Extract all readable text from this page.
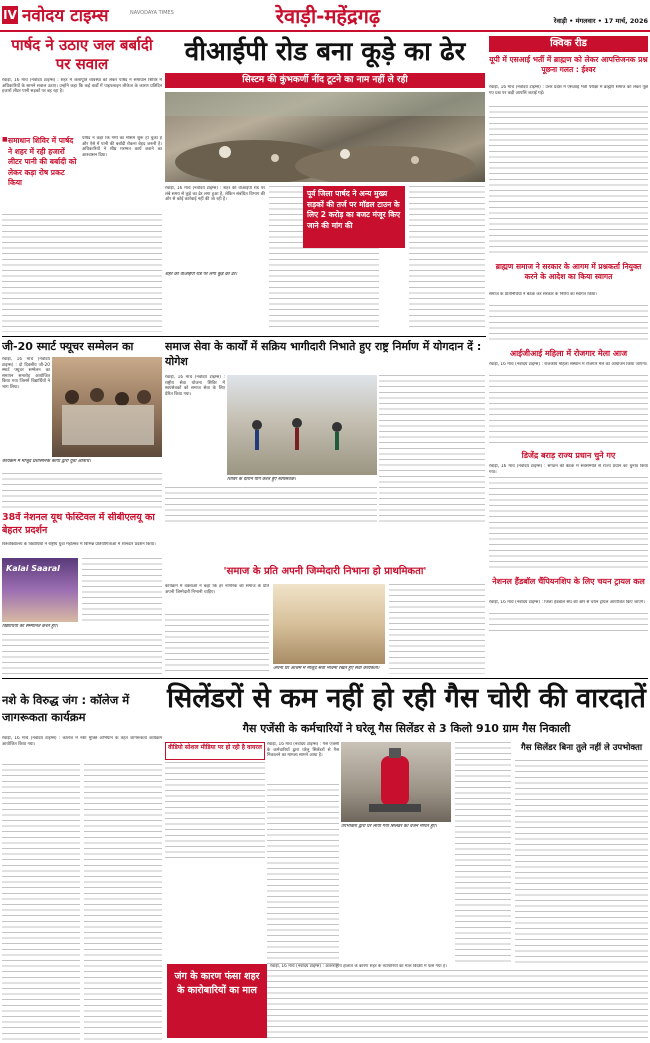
IV नवोदय टाइम्स	NAVODAYA TIMES	रेवाड़ी-महेंद्रगढ़	रेवाड़ी • मंगलवार • 17 मार्च, 2026
पार्षद ने उठाए जल बर्बादी पर सवाल
रेवाड़ी, 16 मार्च (नवोदय टाइम्स) : शहर में जलापूर्ति व्यवस्था को लेकर पार्षद ने समाधान शिविर में अधिकारियों के सामने सवाल उठाए। उन्होंने कहा कि कई वार्डों में पाइपलाइन लीकेज के कारण प्रतिदिन हजारों लीटर पानी सड़कों पर बह रहा है।
■ समाधान शिविर में पार्षद ने शहर में रही हजारों लीटर पानी की बर्बादी को लेकर कड़ा रोष प्रकट किया
पार्षद ने कहा कि गर्मी का मौसम शुरू हो चुका है और ऐसे में पानी की बर्बादी रोकना बेहद जरूरी है। अधिकारियों ने शीघ्र मरम्मत कार्य कराने का आश्वासन दिया।
वीआईपी रोड बना कूड़े का ढेर
सिस्टम की कुंभकर्णी नींद टूटने का नाम नहीं ले रही
शहर की वीआईपी रोड पर लगा कूड़े का ढेर।
रेवाड़ी, 16 मार्च (नवोदय टाइम्स) : शहर की वीआईपी रोड पर लंबे समय से कूड़े का ढेर लगा हुआ है, लेकिन संबंधित विभाग की ओर से कोई कार्रवाई नहीं की जा रही है।
पूर्व जिला पार्षद ने अन्य मुख्य सड़कों की तर्ज पर मॉडल टाउन के लिए 2 करोड़ का बजट मंजूर किए जाने की मांग की
क्विक रीड
यूपी में एसआई भर्ती में ब्राह्मण को लेकर आपत्तिजनक प्रश्न पूछना गलत : ईश्वर
रेवाड़ी, 16 मार्च (नवोदय टाइम्स) : उत्तर प्रदेश में एसआई भर्ती परीक्षा में ब्राह्मण समाज को लेकर पूछे गए प्रश्न पर कड़ी आपत्ति जताई गई।
ब्राह्मण समाज ने सरकार के आगम में प्रश्नकर्ता नियुक्त करने के आदेश का किया स्वागत
समाज के प्रतिनिधियों ने बैठक कर सरकार के निर्णय का स्वागत किया।
आईजीआई महिला में रोजगार मेला आज
रेवाड़ी, 16 मार्च (नवोदय टाइम्स) : राजकीय महिला संस्थान में रोजगार मेले का आयोजन किया जाएगा।
डिजेंद्र बराड़ राज्य प्रधान चुने गए
रेवाड़ी, 16 मार्च (नवोदय टाइम्स) : संगठन की बैठक में सर्वसम्मति से राज्य प्रधान का चुनाव किया गया।
नेशनल हैंडबॉल चैंपियनशिप के लिए चयन ट्रायल कल
रेवाड़ी, 16 मार्च (नवोदय टाइम्स) : जिला हैंडबॉल संघ की ओर से चयन ट्रायल आयोजित किए जाएंगे।
जी-20 स्मार्ट फ्यूचर सम्मेलन का
रेवाड़ी, 16 मार्च (नवोदय टाइम्स) : दो दिवसीय जी-20 स्मार्ट फ्यूचर सम्मेलन का समापन समारोह आयोजित किया गया जिसमें विद्यार्थियों ने भाग लिया।
कार्यक्रम में मौजूद प्रशासनिक कार्यों द्वारा युवा अतिथि।
38वें नेशनल यूथ फेस्टिवल में सीबीएलयू का बेहतर प्रदर्शन
विश्वविद्यालय के विद्यार्थियों ने राष्ट्रीय युवा महोत्सव में विभिन्न प्रतियोगिताओं में शानदार प्रदर्शन किया।
Kalai Saaral
विद्यार्थियों को सम्मानित करते हुए।
समाज सेवा के कार्यों में सक्रिय भागीदारी निभाते हुए राष्ट्र निर्माण में योगदान दें : योगेश
रेवाड़ी, 16 मार्च (नवोदय टाइम्स) : राष्ट्रीय सेवा योजना शिविर में स्वयंसेवकों को समाज सेवा के लिए प्रेरित किया गया।
शिविर के दौरान योग करते हुए स्वयंसेवक।
'समाज के प्रति अपनी जिम्मेदारी निभाना हो प्राथमिकता'
कार्यक्रम में वक्ताओं ने कहा कि हर नागरिक को समाज के प्रति अपनी जिम्मेदारी निभानी चाहिए।
अपना घर आश्रम में मौजूद सेवा भावना रखते हुए सेवा कार्यकर्ता।
सिलेंडरों से कम नहीं हो रही गैस चोरी की वारदातें
गैस एजेंसी के कर्मचारियों ने घरेलू गैस सिलेंडर से 3 किलो 910 ग्राम गैस निकाली
वीडियो सोशल मीडिया पर हो रही है वायरल	रेवाड़ी, 16 मार्च (नवोदय टाइम्स) : गैस एजेंसी के कर्मचारियों द्वारा घरेलू सिलेंडरों से गैस निकालने का मामला सामने आया है।
उपभोक्ता द्वारा घर लाया गया सिलेंडर का वजन मापते हुए।
गैस सिलेंडर बिना तुले नहीं ले उपभोक्ता
नशे के विरुद्ध जंग : कॉलेज में जागरूकता कार्यक्रम
रेवाड़ी, 16 मार्च (नवोदय टाइम्स) : कॉलेज में नशा मुक्ति अभियान के तहत जागरूकता कार्यक्रम आयोजित किया गया।
जंग के कारण फंसा शहर के कारोबारियों का माल
रेवाड़ी, 16 मार्च (नवोदय टाइम्स) : अंतरराष्ट्रीय हालात के कारण शहर के व्यापारियों का माल विदेशों में फंस गया है।
